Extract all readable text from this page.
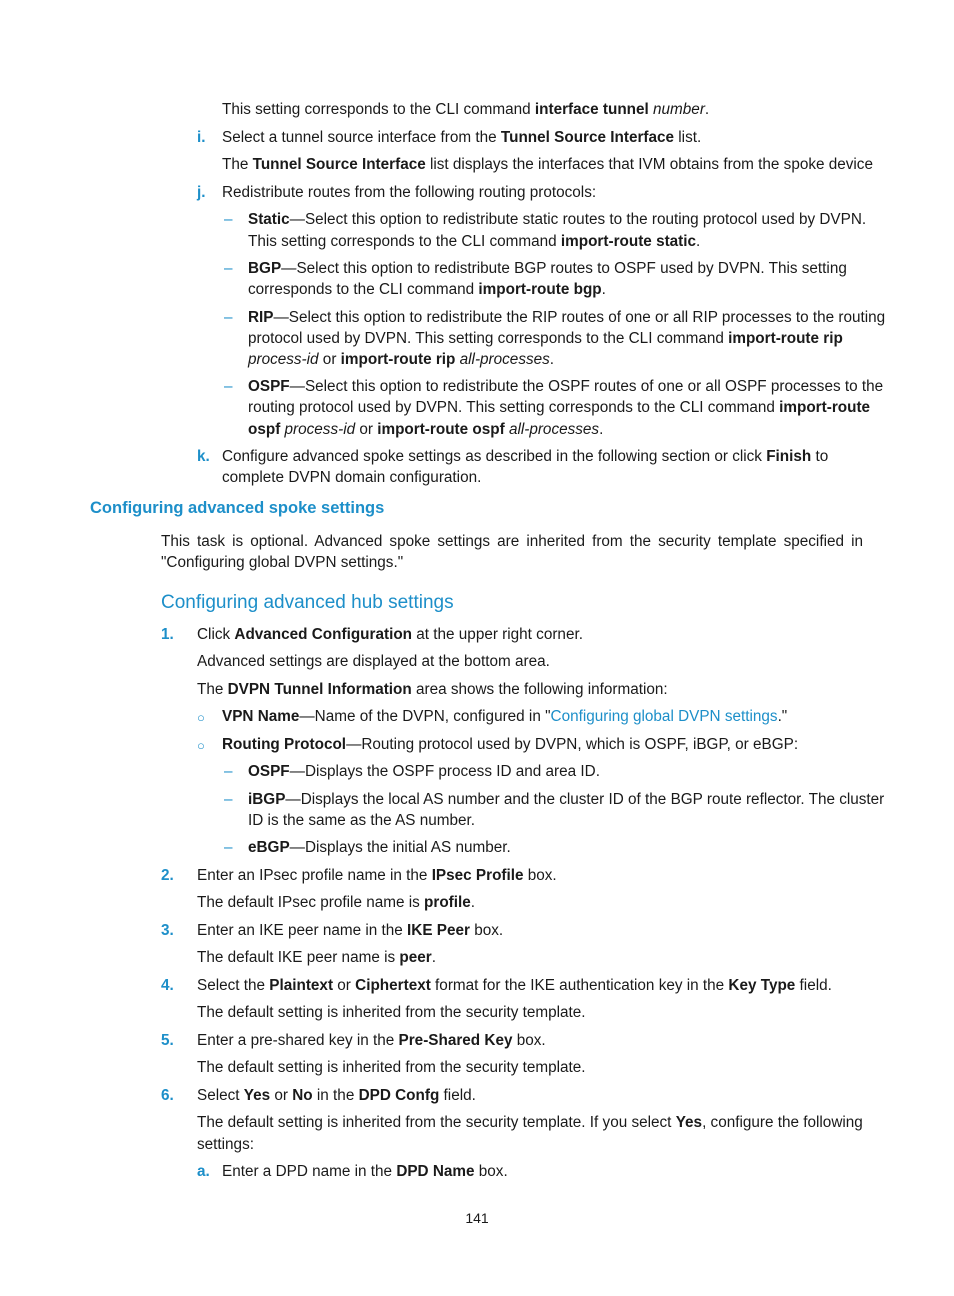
This setting corresponds to the CLI command interface tunnel number.
i. Select a tunnel source interface from the Tunnel Source Interface list.
The Tunnel Source Interface list displays the interfaces that IVM obtains from the spoke device
j. Redistribute routes from the following routing protocols:
– Static—Select this option to redistribute static routes to the routing protocol used by DVPN.
This setting corresponds to the CLI command import-route static.
– BGP—Select this option to redistribute BGP routes to OSPF used by DVPN. This setting
corresponds to the CLI command import-route bgp.
– RIP—Select this option to redistribute the RIP routes of one or all RIP processes to the routing
protocol used by DVPN. This setting corresponds to the CLI command import-route rip
process-id or import-route rip all-processes.
– OSPF—Select this option to redistribute the OSPF routes of one or all OSPF processes to the
routing protocol used by DVPN. This setting corresponds to the CLI command import-route
ospf process-id or import-route ospf all-processes.
k. Configure advanced spoke settings as described in the following section or click Finish to
complete DVPN domain configuration.
Configuring advanced spoke settings
This task is optional. Advanced spoke settings are inherited from the security template specified in
"Configuring global DVPN settings."
Configuring advanced hub settings
1. Click Advanced Configuration at the upper right corner.
Advanced settings are displayed at the bottom area.
The DVPN Tunnel Information area shows the following information:
○ VPN Name—Name of the DVPN, configured in "Configuring global DVPN settings."
○ Routing Protocol—Routing protocol used by DVPN, which is OSPF, iBGP, or eBGP:
– OSPF—Displays the OSPF process ID and area ID.
– iBGP—Displays the local AS number and the cluster ID of the BGP route reflector. The cluster
ID is the same as the AS number.
– eBGP—Displays the initial AS number.
2. Enter an IPsec profile name in the IPsec Profile box.
The default IPsec profile name is profile.
3. Enter an IKE peer name in the IKE Peer box.
The default IKE peer name is peer.
4. Select the Plaintext or Ciphertext format for the IKE authentication key in the Key Type field.
The default setting is inherited from the security template.
5. Enter a pre-shared key in the Pre-Shared Key box.
The default setting is inherited from the security template.
6. Select Yes or No in the DPD Confg field.
The default setting is inherited from the security template. If you select Yes, configure the following
settings:
a. Enter a DPD name in the DPD Name box.
141
